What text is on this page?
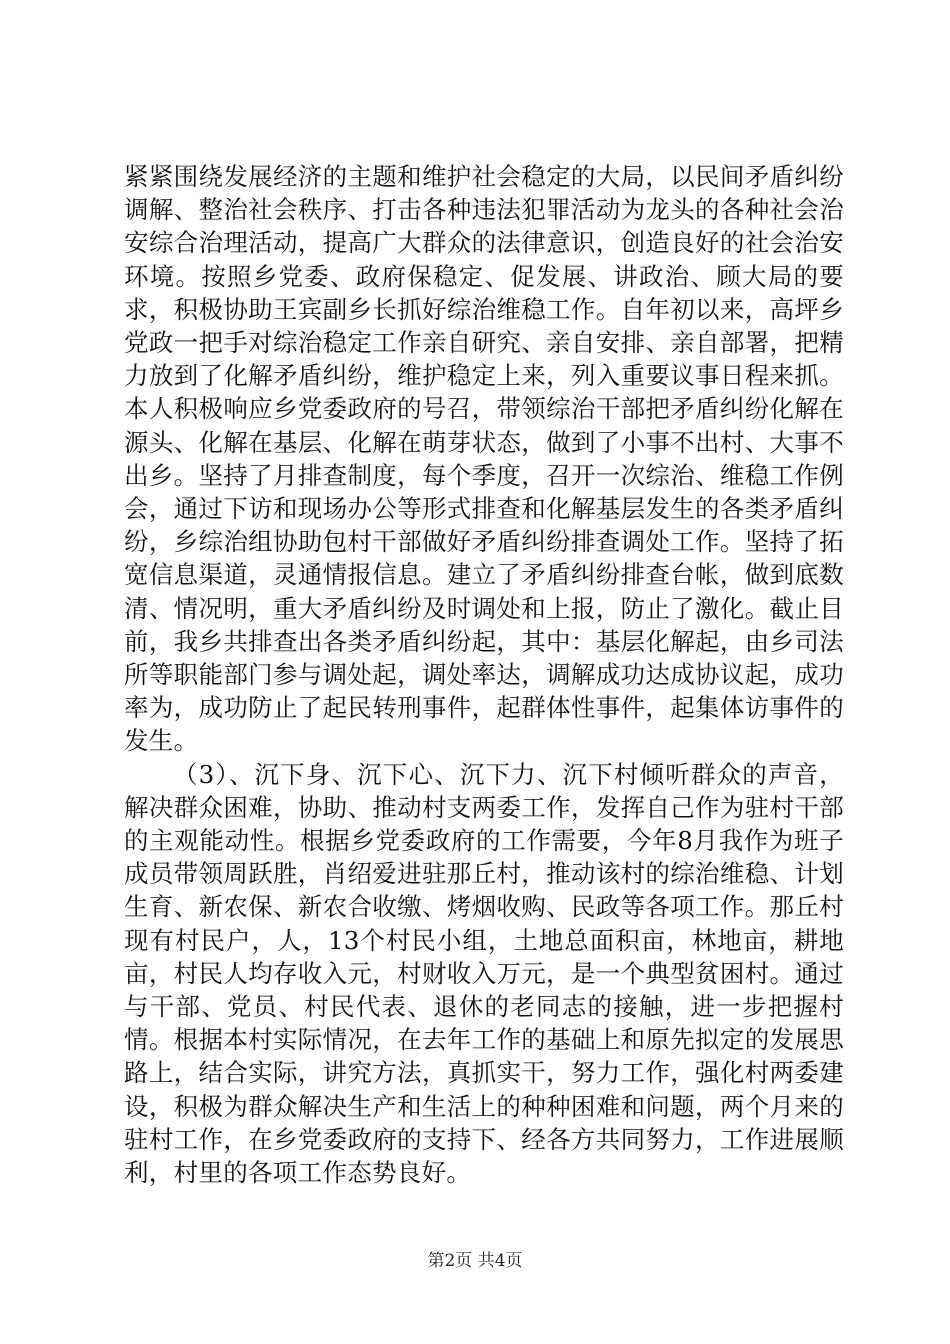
紧紧围绕发展经济的主题和维护社会稳定的大局，以民间矛盾纠纷调解、整治社会秩序、打击各种违法犯罪活动为龙头的各种社会治安综合治理活动，提高广大群众的法律意识，创造良好的社会治安环境。按照乡党委、政府保稳定、促发展、讲政治、顾大局的要求，积极协助王宾副乡长抓好综治维稳工作。自年初以来，高坪乡党政一把手对综治稳定工作亲自研究、亲自安排、亲自部署，把精力放到了化解矛盾纠纷，维护稳定上来，列入重要议事日程来抓。本人积极响应乡党委政府的号召，带领综治干部把矛盾纠纷化解在源头、化解在基层、化解在萌芽状态，做到了小事不出村、大事不出乡。坚持了月排查制度，每个季度，召开一次综治、维稳工作例会，通过下访和现场办公等形式排查和化解基层发生的各类矛盾纠纷，乡综治组协助包村干部做好矛盾纠纷排查调处工作。坚持了拓宽信息渠道，灵通情报信息。建立了矛盾纠纷排查台帐，做到底数清、情况明，重大矛盾纠纷及时调处和上报，防止了激化。截止目前，我乡共排查出各类矛盾纠纷起，其中：基层化解起，由乡司法所等职能部门参与调处起，调处率达，调解成功达成协议起，成功率为，成功防止了起民转刑事件，起群体性事件，起集体访事件的发生。

（3）、沉下身、沉下心、沉下力、沉下村倾听群众的声音，解决群众困难，协助、推动村支两委工作，发挥自己作为驻村干部的主观能动性。根据乡党委政府的工作需要，今年8月我作为班子成员带领周跃胜，肖绍爱进驻那丘村，推动该村的综治维稳、计划生育、新农保、新农合收缴、烤烟收购、民政等各项工作。那丘村现有村民户，人，13个村民小组，土地总面积亩，林地亩，耕地亩，村民人均存收入元，村财收入万元，是一个典型贫困村。通过与干部、党员、村民代表、退休的老同志的接触，进一步把握村情。根据本村实际情况，在去年工作的基础上和原先拟定的发展思路上，结合实际，讲究方法，真抓实干，努力工作，强化村两委建设，积极为群众解决生产和生活上的种种困难和问题，两个月来的驻村工作，在乡党委政府的支持下、经各方共同努力，工作进展顺利，村里的各项工作态势良好。

第2页 共4页
